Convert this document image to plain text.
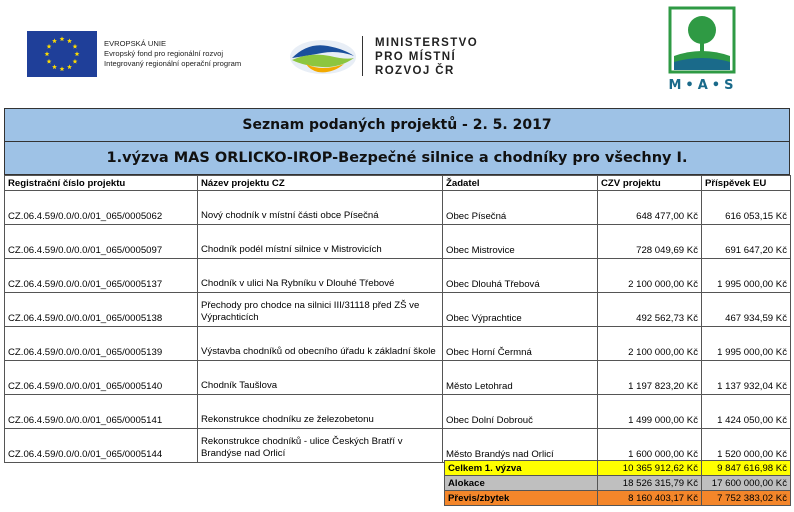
EVROPSKÁ UNIE
Evropský fond pro regionální rozvoj
Integrovaný regionální operační program
MINISTERSTVO
PRO MÍSTNÍ
ROZVOJ ČR
M•A•S
Seznam podaných projektů - 2. 5. 2017
1.výzva MAS ORLICKO-IROP-Bezpečné silnice a chodníky pro všechny I.
Registrační číslo projektu	Název projektu CZ	Žadatel	CZV projektu	Příspěvek EU
CZ.06.4.59/0.0/0.0/01_065/0005062	Nový chodník v místní části obce Písečná	Obec Písečná	648 477,00 Kč	616 053,15 Kč
CZ.06.4.59/0.0/0.0/01_065/0005097	Chodník podél místní silnice v Mistrovicích	Obec Mistrovice	728 049,69 Kč	691 647,20 Kč
CZ.06.4.59/0.0/0.0/01_065/0005137	Chodník v ulici Na Rybníku v Dlouhé Třebové	Obec Dlouhá Třebová	2 100 000,00 Kč	1 995 000,00 Kč
CZ.06.4.59/0.0/0.0/01_065/0005138	Přechody pro chodce na silnici III/31118 před ZŠ ve Výprachticích	Obec Výprachtice	492 562,73 Kč	467 934,59 Kč
CZ.06.4.59/0.0/0.0/01_065/0005139	Výstavba chodníků od obecního úřadu k základní škole	Obec Horní Čermná	2 100 000,00 Kč	1 995 000,00 Kč
CZ.06.4.59/0.0/0.0/01_065/0005140	Chodník Taušlova	Město Letohrad	1 197 823,20 Kč	1 137 932,04 Kč
CZ.06.4.59/0.0/0.0/01_065/0005141	Rekonstrukce chodníku ze železobetonu	Obec Dolní Dobrouč	1 499 000,00 Kč	1 424 050,00 Kč
CZ.06.4.59/0.0/0.0/01_065/0005144	Rekonstrukce chodníků - ulice Českých Bratří v Brandýse nad Orlicí	Město Brandýs nad Orlicí	1 600 000,00 Kč	1 520 000,00 Kč
Celkem 1. výzva	10 365 912,62 Kč	9 847 616,98 Kč
Alokace	18 526 315,79 Kč	17 600 000,00 Kč
Převis/zbytek	8 160 403,17 Kč	7 752 383,02 Kč
